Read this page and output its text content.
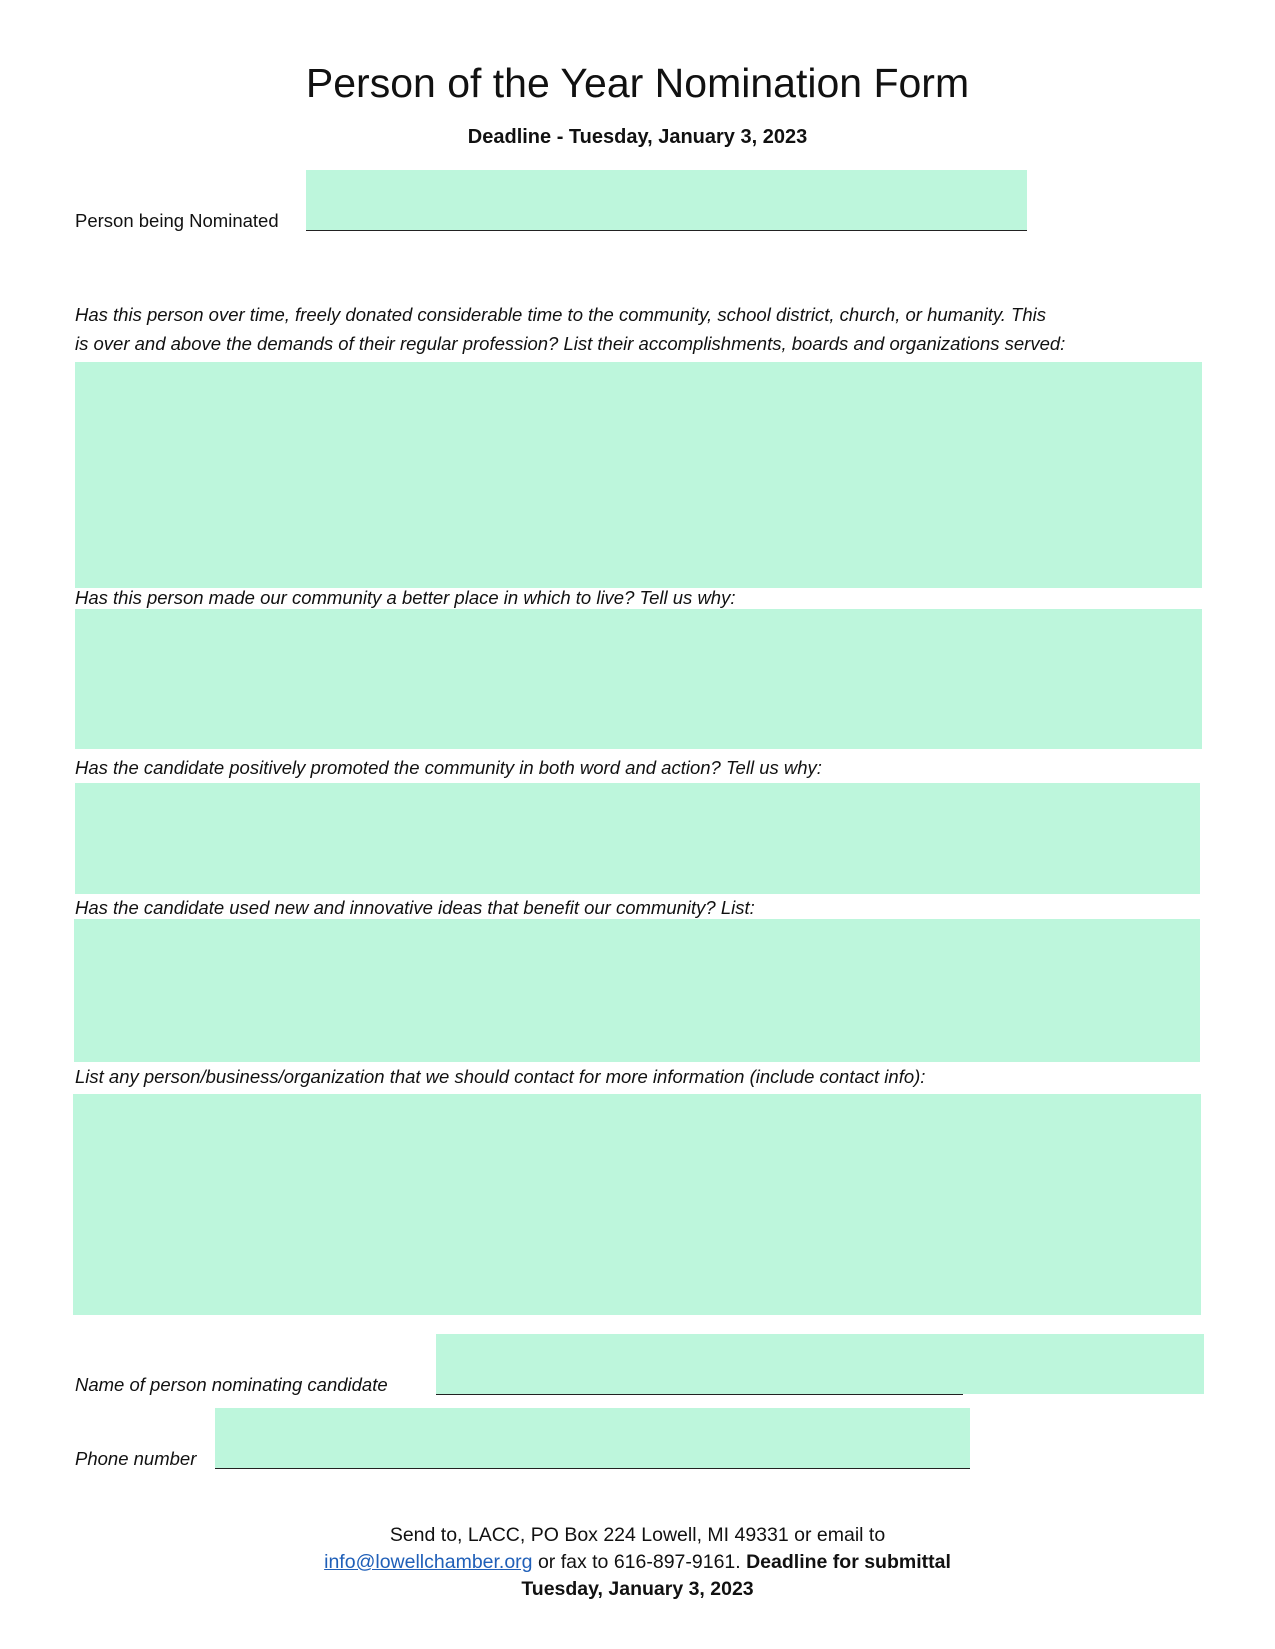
Person of the Year Nomination Form
Deadline - Tuesday, January 3, 2023
Person being Nominated
Has this person over time, freely donated considerable time to the community, school district, church, or humanity. This
is over and above the demands of their regular profession? List their accomplishments, boards and organizations served:
Has this person made our community a better place in which to live? Tell us why:
Has the candidate positively promoted the community in both word and action? Tell us why:
Has the candidate used new and innovative ideas that benefit our community? List:
List any person/business/organization that we should contact for more information (include contact info):
Name of person nominating candidate
Phone number
Send to, LACC, PO Box 224 Lowell, MI 49331 or email to
info@lowellchamber.org or fax to 616-897-9161. Deadline for submittal
Tuesday, January 3, 2023
